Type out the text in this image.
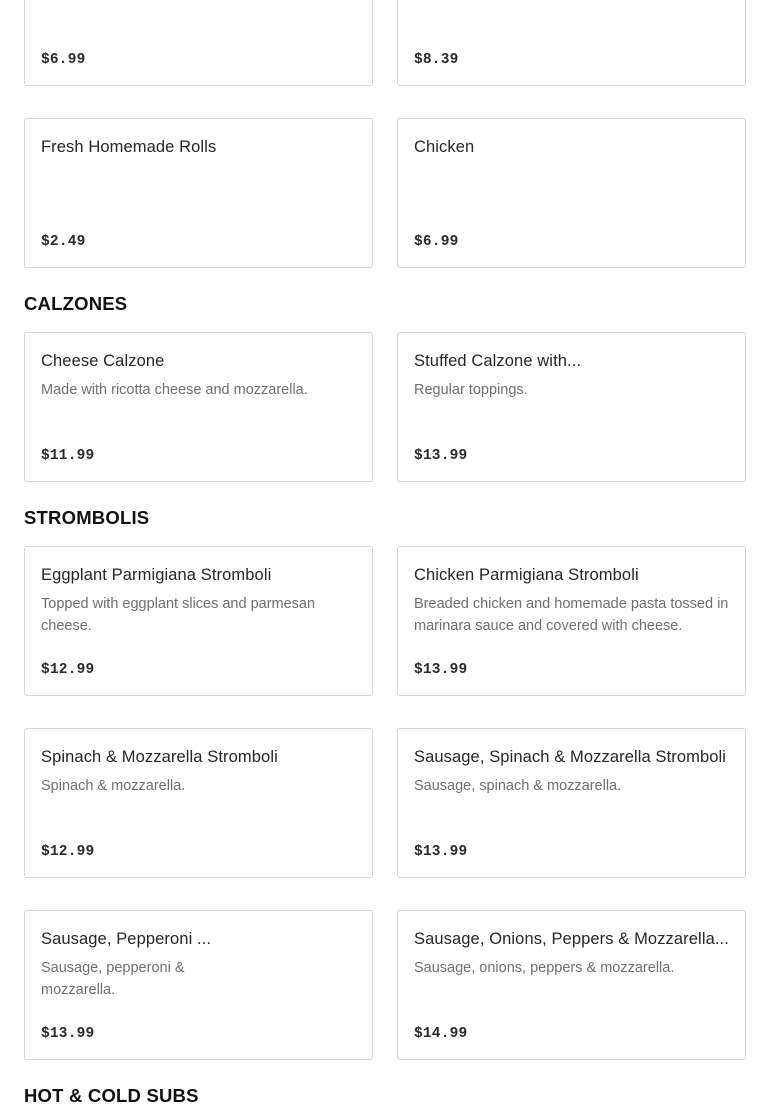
$6.99	$8.39
Fresh Homemade Rolls
$2.49
Chicken
$6.99
CALZONES
Cheese Calzone
Made with ricotta cheese and mozzarella.
$11.99
Stuffed Calzone with...
Regular toppings.
$13.99
STROMBOLIS
Eggplant Parmigiana Stromboli
Topped with eggplant slices and parmesan cheese.
$12.99
Chicken Parmigiana Stromboli
Breaded chicken and homemade pasta tossed in marinara sauce and covered with cheese.
$13.99
Spinach & Mozzarella Stromboli
Spinach & mozzarella.
$12.99
Sausage, Spinach & Mozzarella Stromboli
Sausage, spinach & mozzarella.
$13.99
Sausage, Pepperoni ...
Sausage, pepperoni & mozzarella.
$13.99
Sausage, Onions, Peppers & Mozzarella...
Sausage, onions, peppers & mozzarella.
$14.99
HOT & COLD SUBS
